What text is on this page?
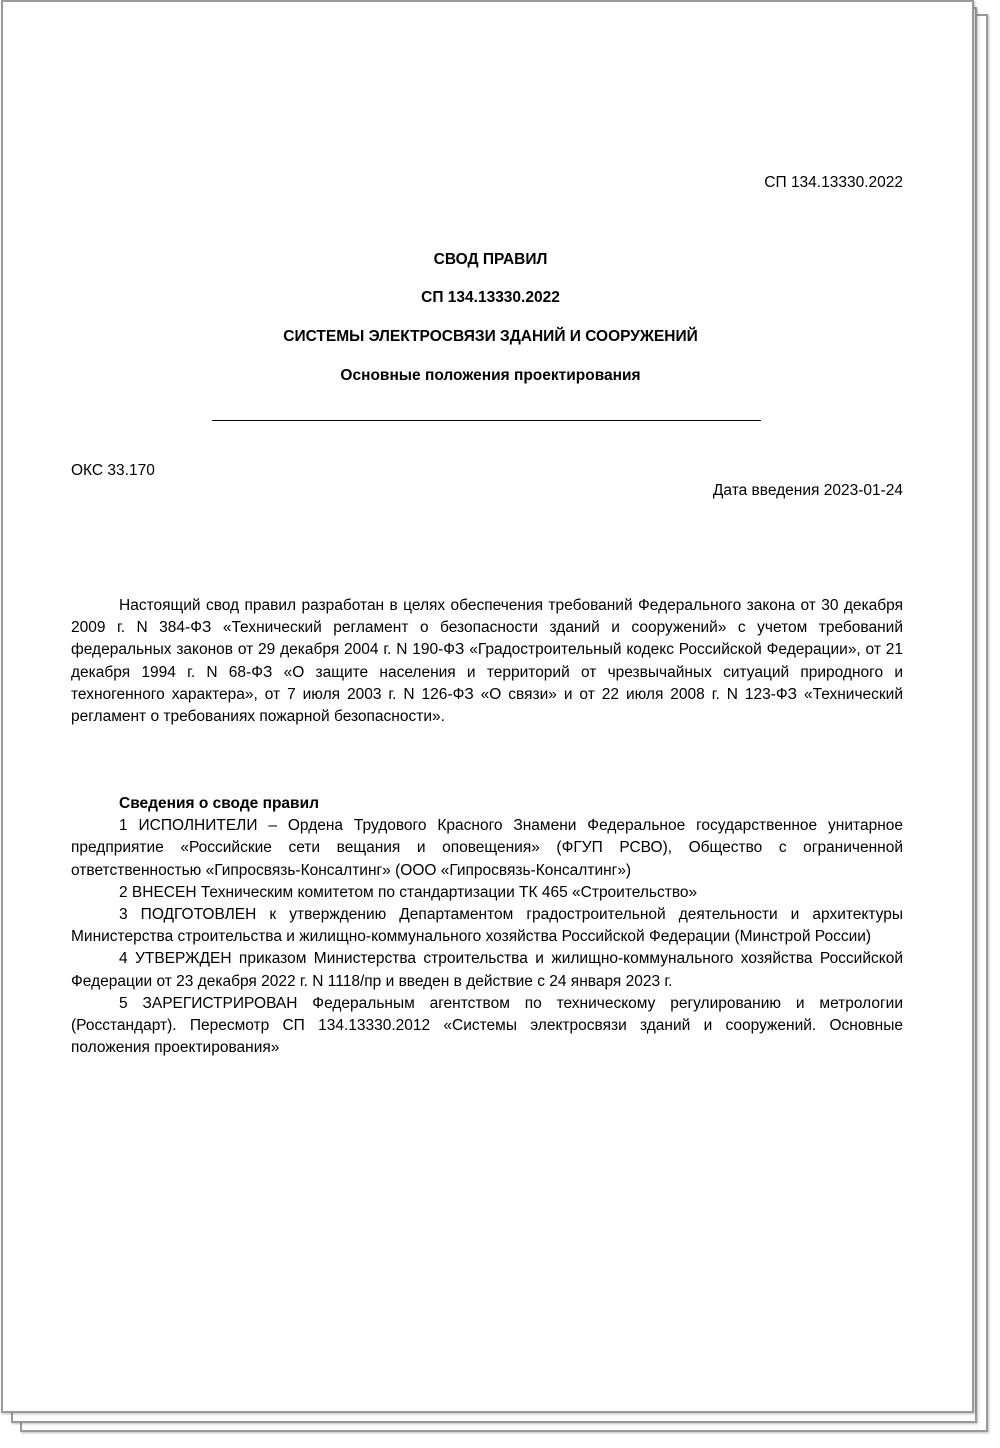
СП 134.13330.2022
СВОД ПРАВИЛ
СП 134.13330.2022
СИСТЕМЫ ЭЛЕКТРОСВЯЗИ ЗДАНИЙ И СООРУЖЕНИЙ
Основные положения проектирования
ОКС 33.170
Дата введения 2023-01-24

Настоящий свод правил разработан в целях обеспечения требований Федерального закона от 30 декабря 2009 г. N 384-ФЗ «Технический регламент о безопасности зданий и сооружений» с учетом требований федеральных законов от 29 декабря 2004 г. N 190-ФЗ «Градостроительный кодекс Российской Федерации», от 21 декабря 1994 г. N 68-ФЗ «О защите населения и территорий от чрезвычайных ситуаций природного и техногенного характера», от 7 июля 2003 г. N 126-ФЗ «О связи» и от 22 июля 2008 г. N 123-ФЗ «Технический регламент о требованиях пожарной безопасности».

Сведения о своде правил

1 ИСПОЛНИТЕЛИ – Ордена Трудового Красного Знамени Федеральное государственное унитарное предприятие «Российские сети вещания и оповещения» (ФГУП РСВО), Общество с ограниченной ответственностью «Гипросвязь-Консалтинг» (ООО «Гипросвязь-Консалтинг»)

2 ВНЕСЕН Техническим комитетом по стандартизации ТК 465 «Строительство»

3 ПОДГОТОВЛЕН к утверждению Департаментом градостроительной деятельности и архитектуры Министерства строительства и жилищно-коммунального хозяйства Российской Федерации (Минстрой России)

4 УТВЕРЖДЕН приказом Министерства строительства и жилищно-коммунального хозяйства Российской Федерации от 23 декабря 2022 г. N 1118/пр и введен в действие с 24 января 2023 г.

5 ЗАРЕГИСТРИРОВАН Федеральным агентством по техническому регулированию и метрологии (Росстандарт). Пересмотр СП 134.13330.2012 «Системы электросвязи зданий и сооружений. Основные положения проектирования»
